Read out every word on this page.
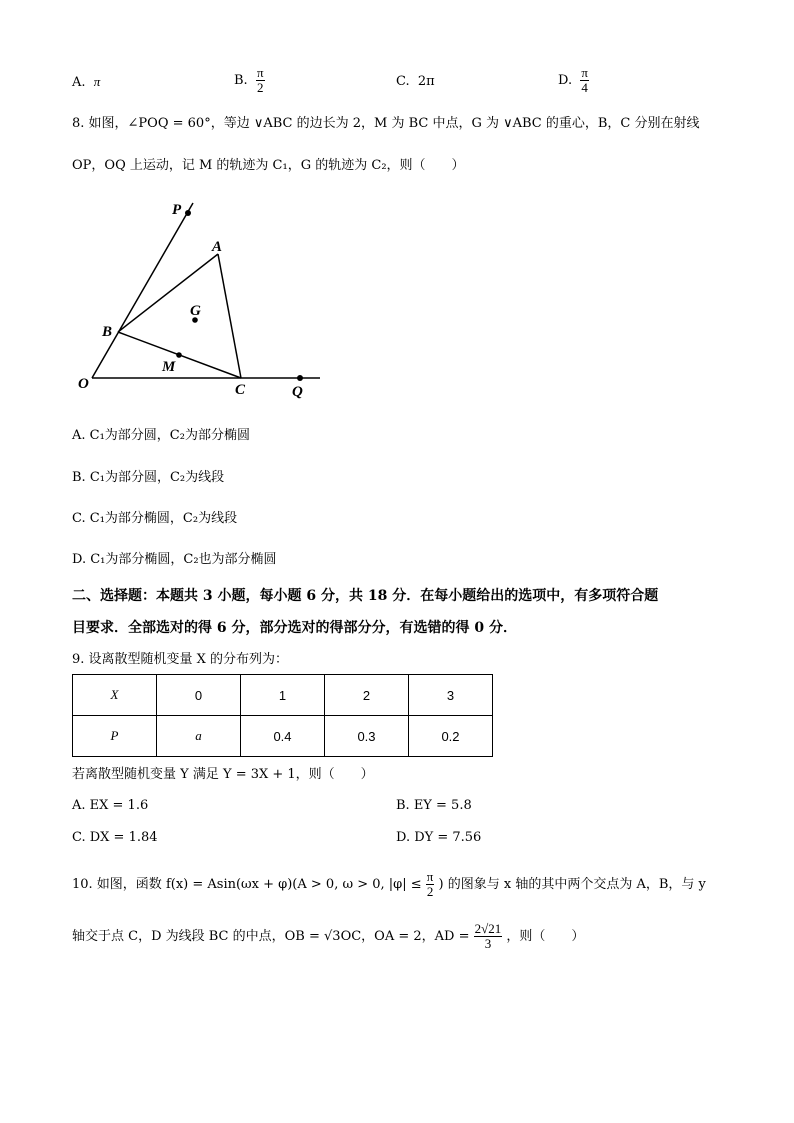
A. π	B. $\frac{\pi}{2}$	C. 2π	D. $\frac{\pi}{4}$
8. 如图，∠POQ = 60°，等边 ∨ABC 的边长为 2，M 为 BC 中点，G 为 ∨ABC 的重心，B，C 分别在射线
OP，OQ 上运动，记 M 的轨迹为 C₁，G 的轨迹为 C₂，则（　　）
P
A
G
B
M
O	C	Q
A. C₁为部分圆，C₂为部分椭圆
B. C₁为部分圆，C₂为线段
C. C₁为部分椭圆，C₂为线段
D. C₁为部分椭圆，C₂也为部分椭圆
二、选择题：本题共 3 小题，每小题 6 分，共 18 分．在每小题给出的选项中，有多项符合题
目要求．全部选对的得 6 分，部分选对的得部分分，有选错的得 0 分．
9. 设离散型随机变量 X 的分布列为：
X	0	1	2	3
P	a	0.4	0.3	0.2
若离散型随机变量 Y 满足 Y = 3X + 1，则（　　）
A. EX = 1.6	B. EY = 5.8
C. DX = 1.84	D. DY = 7.56
10. 如图，函数 f(x) = Asin(ωx + φ)(A > 0, ω > 0, $|\varphi| \le \frac{\pi}{2}$ ) 的图象与 x 轴的其中两个交点为 A，B，与 y
轴交于点 C，D 为线段 BC 的中点，OB = √3OC，OA = 2，AD = $\frac{2√21}{3}$ ，则（　　）
